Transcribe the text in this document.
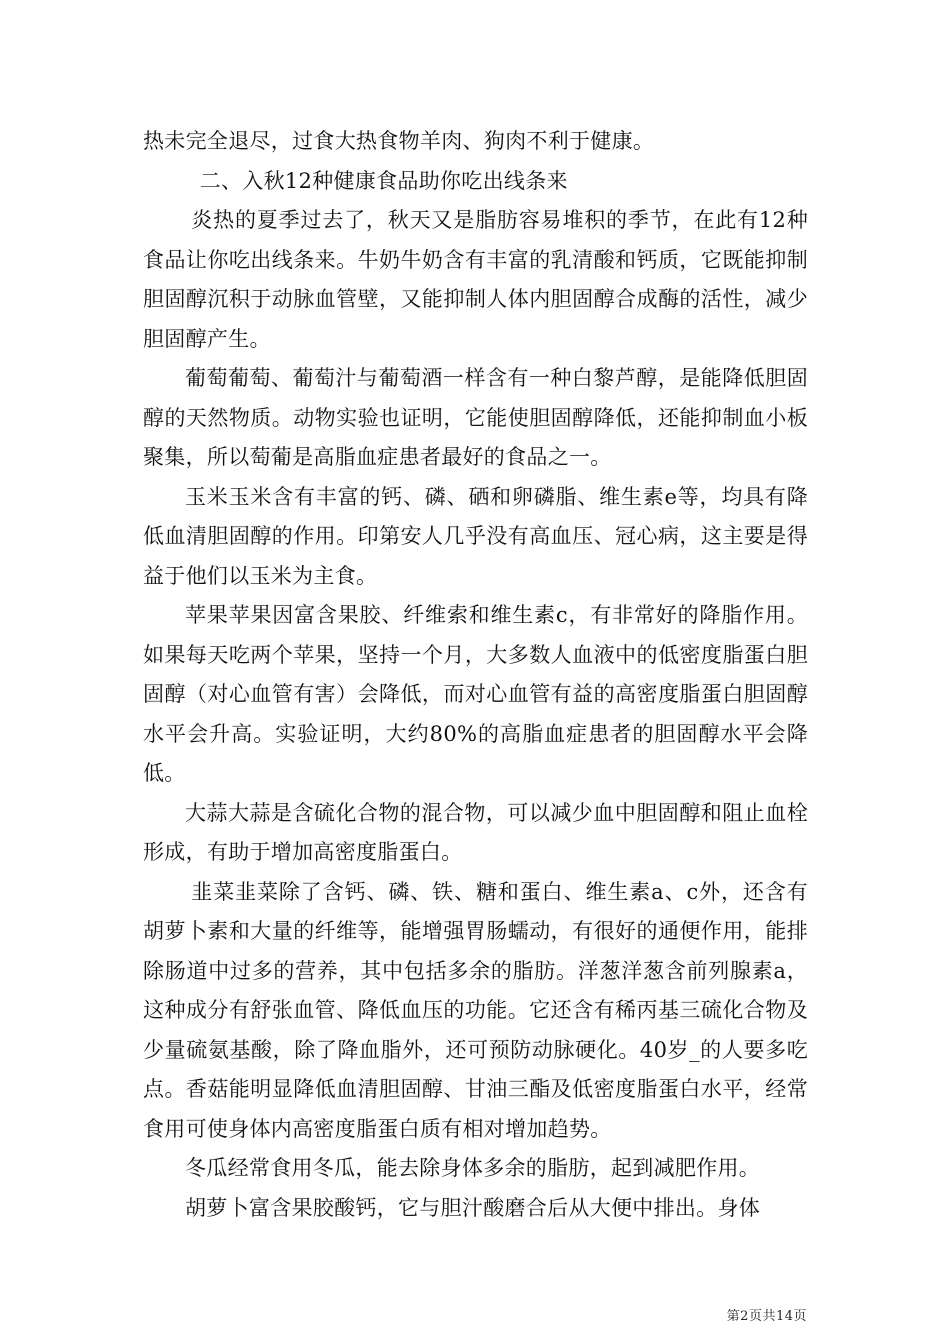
热未完全退尽，过食大热食物羊肉、狗肉不利于健康。

二、入秋12种健康食品助你吃出线条来

炎热的夏季过去了，秋天又是脂肪容易堆积的季节，在此有12种食品让你吃出线条来。牛奶牛奶含有丰富的乳清酸和钙质，它既能抑制胆固醇沉积于动脉血管壁，又能抑制人体内胆固醇合成酶的活性，减少胆固醇产生。

葡萄葡萄、葡萄汁与葡萄酒一样含有一种白黎芦醇，是能降低胆固醇的天然物质。动物实验也证明，它能使胆固醇降低，还能抑制血小板聚集，所以萄葡是高脂血症患者最好的食品之一。

玉米玉米含有丰富的钙、磷、硒和卵磷脂、维生素e等，均具有降低血清胆固醇的作用。印第安人几乎没有高血压、冠心病，这主要是得益于他们以玉米为主食。

苹果苹果因富含果胶、纤维索和维生素c，有非常好的降脂作用。如果每天吃两个苹果，坚持一个月，大多数人血液中的低密度脂蛋白胆固醇（对心血管有害）会降低，而对心血管有益的高密度脂蛋白胆固醇水平会升高。实验证明，大约80%的高脂血症患者的胆固醇水平会降低。

大蒜大蒜是含硫化合物的混合物，可以减少血中胆固醇和阻止血栓形成，有助于增加高密度脂蛋白。

韭菜韭菜除了含钙、磷、铁、糖和蛋白、维生素a、c外，还含有胡萝卜素和大量的纤维等，能增强胃肠蠕动，有很好的通便作用，能排除肠道中过多的营养，其中包括多余的脂肪。洋葱洋葱含前列腺素a，这种成分有舒张血管、降低血压的功能。它还含有稀丙基三硫化合物及少量硫氨基酸，除了降血脂外，还可预防动脉硬化。40岁_的人要多吃点。香菇能明显降低血清胆固醇、甘油三酯及低密度脂蛋白水平，经常食用可使身体内高密度脂蛋白质有相对增加趋势。

冬瓜经常食用冬瓜，能去除身体多余的脂肪，起到减肥作用。

胡萝卜富含果胶酸钙，它与胆汁酸磨合后从大便中排出。身体

第2页共14页
